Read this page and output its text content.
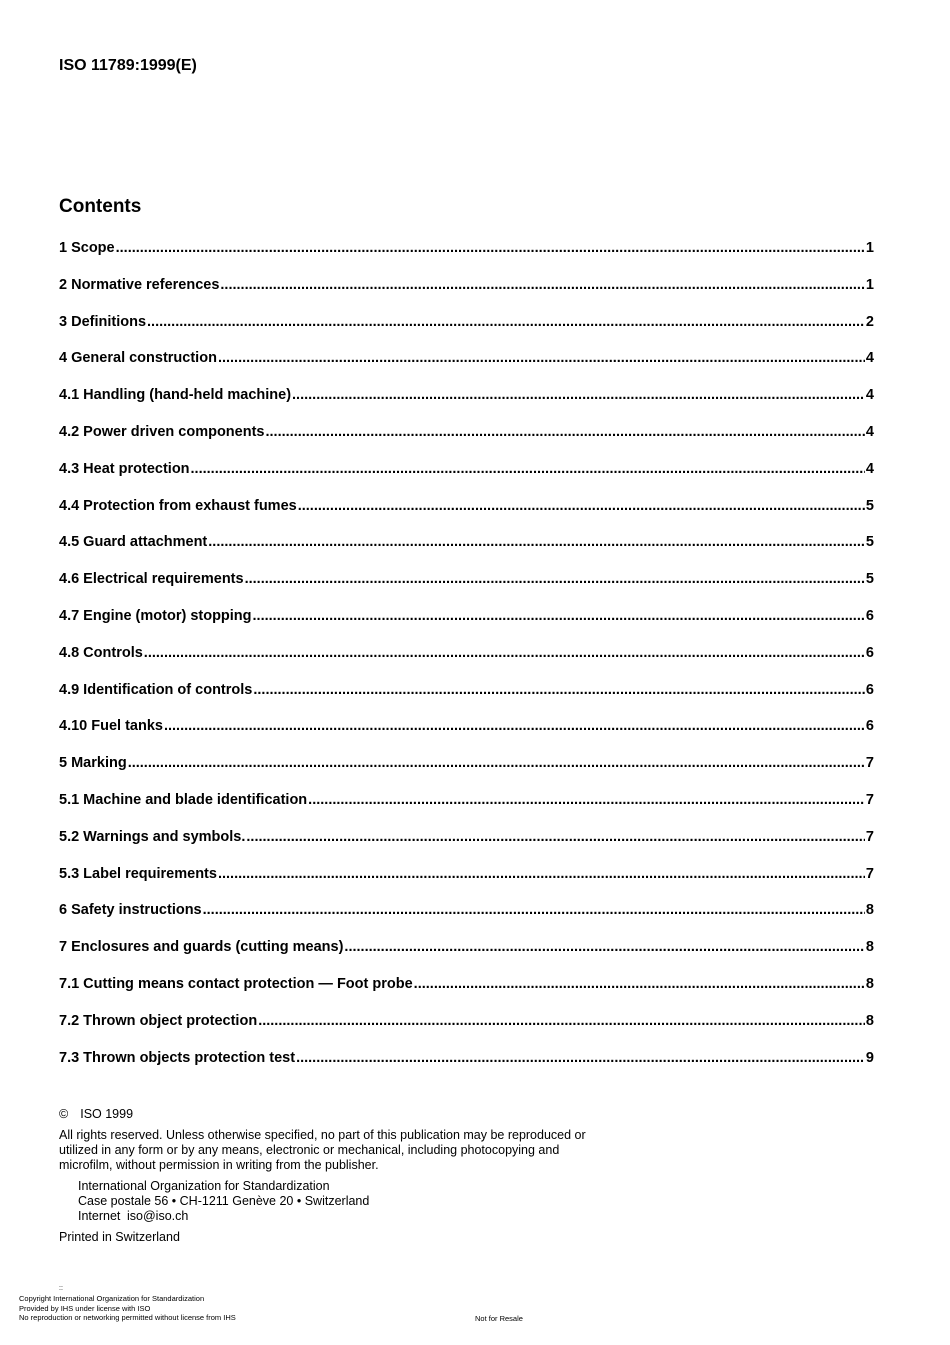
ISO 11789:1999(E)
Contents
1 Scope .....	1
2 Normative references .....	1
3 Definitions .....	2
4 General construction .....	4
4.1 Handling (hand-held machine) .....	4
4.2 Power driven components .....	4
4.3 Heat protection .....	4
4.4 Protection from exhaust fumes .....	5
4.5 Guard attachment .....	5
4.6 Electrical requirements .....	5
4.7 Engine (motor) stopping .....	6
4.8 Controls .....	6
4.9 Identification of controls .....	6
4.10 Fuel tanks .....	6
5 Marking .....	7
5.1 Machine and blade identification .....	7
5.2 Warnings and symbols. .....	7
5.3 Label requirements .....	7
6 Safety instructions .....	8
7 Enclosures and guards (cutting means) .....	8
7.1 Cutting means contact protection — Foot probe .....	8
7.2 Thrown object protection .....	8
7.3 Thrown objects protection test .....	9

© ISO 1999

All rights reserved. Unless otherwise specified, no part of this publication may be reproduced or utilized in any form or by any means, electronic or mechanical, including photocopying and microfilm, without permission in writing from the publisher.

International Organization for Standardization

Case postale 56 • CH-1211 Genève 20 • Switzerland

Internet iso@iso.ch

Printed in Switzerland

::

Copyright International Organization for Standardization

Provided by IHS under license with ISO

No reproduction or networking permitted without license from IHS	Not for Resale
